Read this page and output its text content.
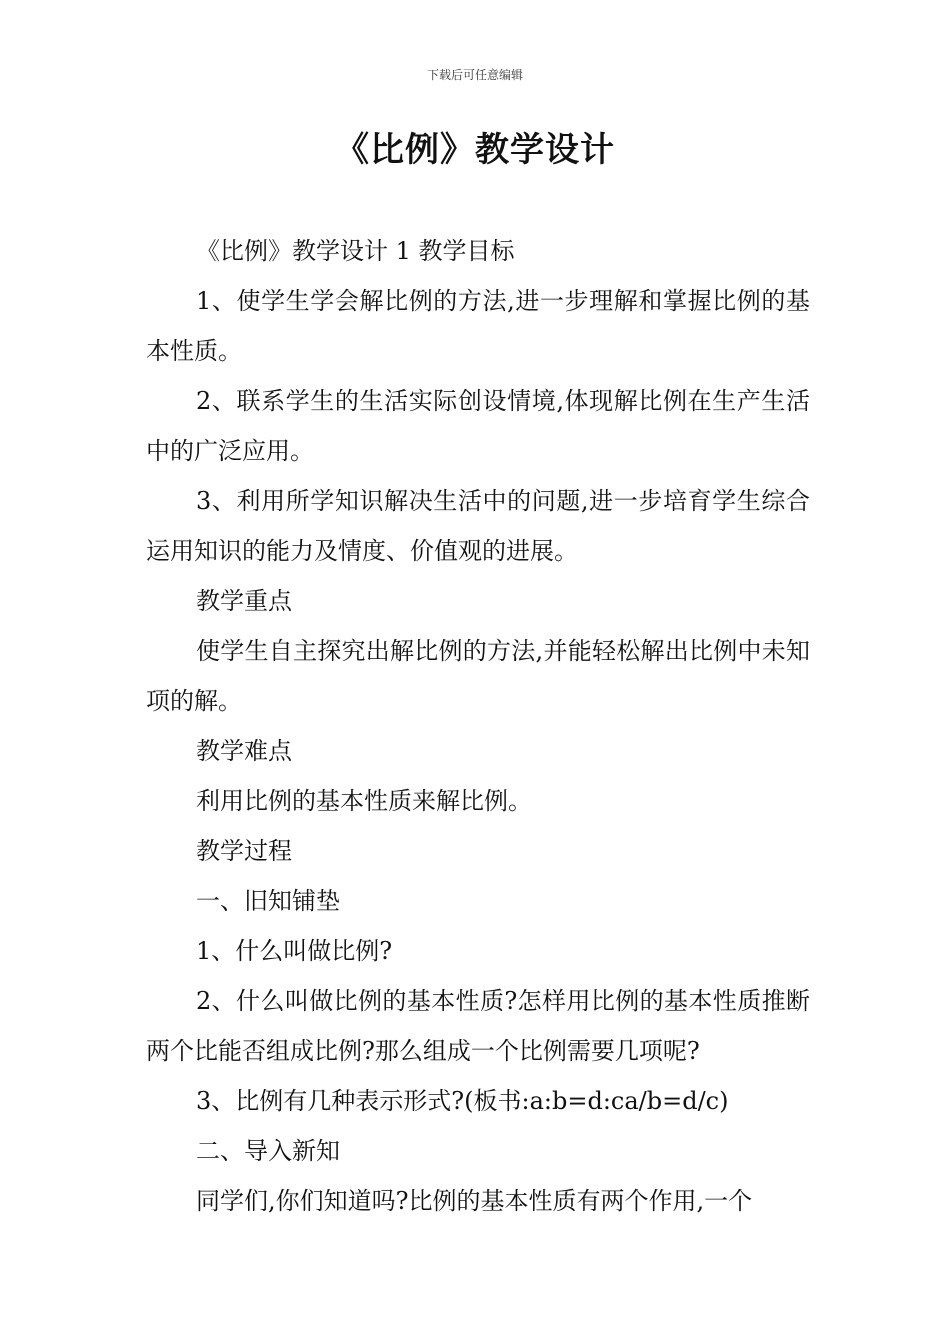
下载后可任意编辑
《比例》教学设计

《比例》教学设计 1 教学目标

1、使学生学会解比例的方法,进一步理解和掌握比例的基本性质。

2、联系学生的生活实际创设情境,体现解比例在生产生活中的广泛应用。

3、利用所学知识解决生活中的问题,进一步培育学生综合运用知识的能力及情度、价值观的进展。

教学重点

使学生自主探究出解比例的方法,并能轻松解出比例中未知项的解。

教学难点

利用比例的基本性质来解比例。

教学过程

一、旧知铺垫

1、什么叫做比例?

2、什么叫做比例的基本性质?怎样用比例的基本性质推断两个比能否组成比例?那么组成一个比例需要几项呢?

3、比例有几种表示形式?(板书:a:b=d:ca/b=d/c)

二、导入新知

同学们,你们知道吗?比例的基本性质有两个作用,一个
